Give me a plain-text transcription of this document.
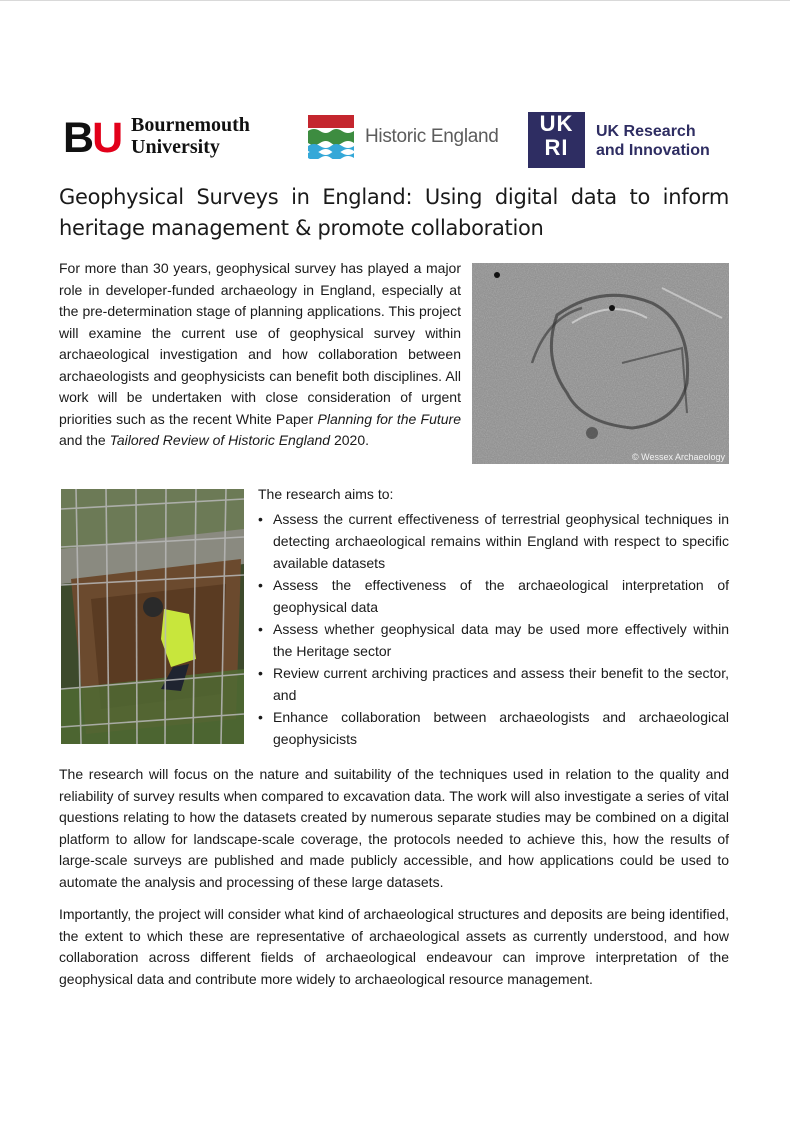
BU Bournemouth
University	Historic England
UK
RI
UK Research
and Innovation
Geophysical Surveys in England: Using digital data to inform heritage management & promote collaboration
For more than 30 years, geophysical survey has played a major role in developer-funded archaeology in England, especially at the pre-determination stage of planning applications. This project will examine the current use of geophysical survey within archaeological investigation and how collaboration between archaeologists and geophysicists can benefit both disciplines. All work will be undertaken with close consideration of urgent priorities such as the recent White Paper Planning for the Future and the Tailored Review of Historic England 2020.
© Wessex Archaeology
The research aims to:
• Assess the current effectiveness of terrestrial geophysical techniques in detecting archaeological remains within England with respect to specific available datasets
• Assess the effectiveness of the archaeological interpretation of geophysical data
• Assess whether geophysical data may be used more effectively within the Heritage sector
• Review current archiving practices and assess their benefit to the sector, and
• Enhance collaboration between archaeologists and archaeological geophysicists
The research will focus on the nature and suitability of the techniques used in relation to the quality and reliability of survey results when compared to excavation data. The work will also investigate a series of vital questions relating to how the datasets created by numerous separate studies may be combined on a digital platform to allow for landscape-scale coverage, the protocols needed to achieve this, how the results of large-scale surveys are published and made publicly accessible, and how applications could be used to automate the analysis and processing of these large datasets.
Importantly, the project will consider what kind of archaeological structures and deposits are being identified, the extent to which these are representative of archaeological assets as currently understood, and how collaboration across different fields of archaeological endeavour can improve interpretation of the geophysical data and contribute more widely to archaeological resource management.
